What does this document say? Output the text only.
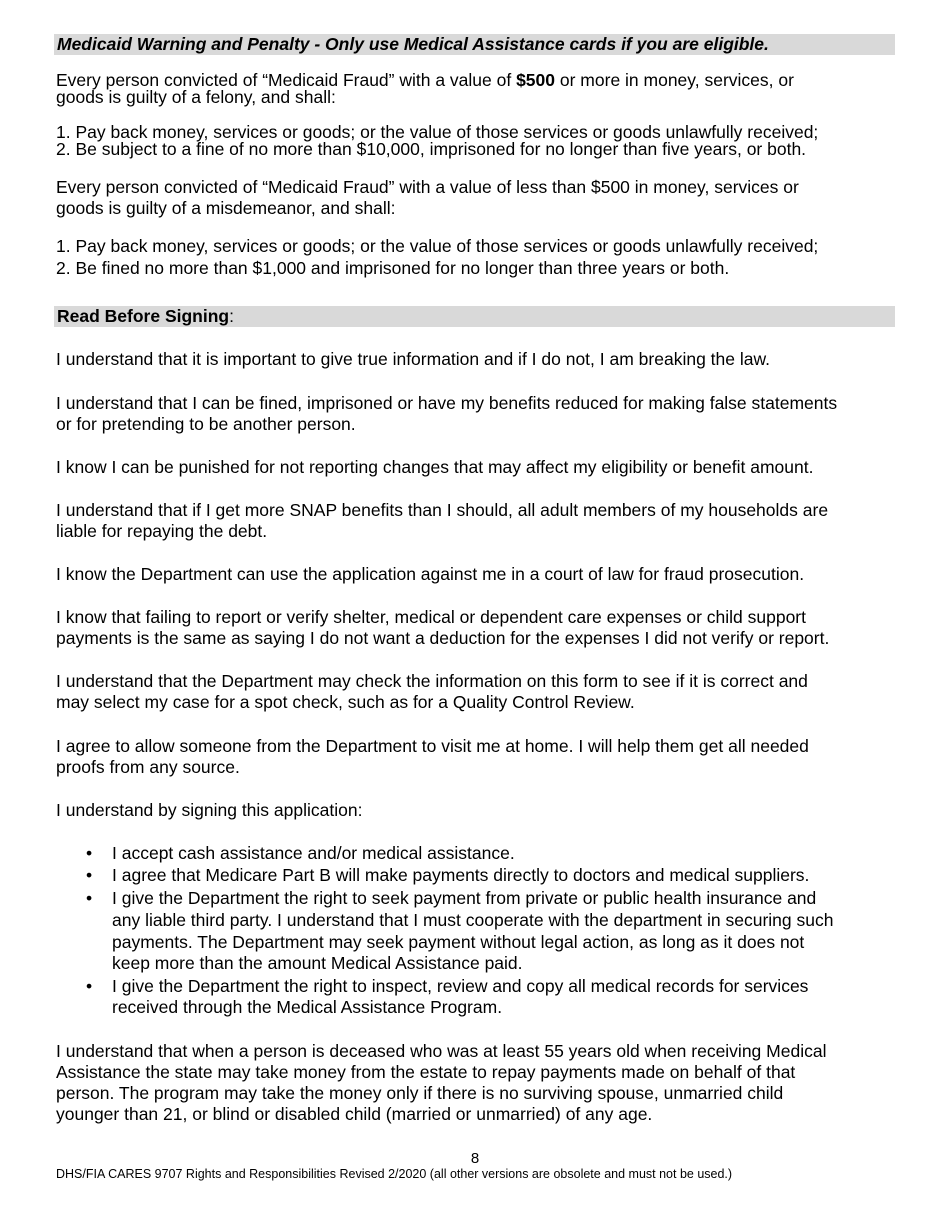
Medicaid Warning and Penalty - Only use Medical Assistance cards if you are eligible.
Every person convicted of “Medicaid Fraud” with a value of $500 or more in money, services, or
goods is guilty of a felony, and shall:
1. Pay back money, services or goods; or the value of those services or goods unlawfully received;
2. Be subject to a fine of no more than $10,000, imprisoned for no longer than five years, or both.
Every person convicted of “Medicaid Fraud” with a value of less than $500 in money, services or
goods is guilty of a misdemeanor, and shall:
1. Pay back money, services or goods; or the value of those services or goods unlawfully received;
2. Be fined no more than $1,000 and imprisoned for no longer than three years or both.
Read Before Signing:
I understand that it is important to give true information and if I do not, I am breaking the law.
I understand that I can be fined, imprisoned or have my benefits reduced for making false statements
or for pretending to be another person.
I know I can be punished for not reporting changes that may affect my eligibility or benefit amount.
I understand that if I get more SNAP benefits than I should, all adult members of my households are
liable for repaying the debt.
I know the Department can use the application against me in a court of law for fraud prosecution.
I know that failing to report or verify shelter, medical or dependent care expenses or child support
payments is the same as saying I do not want a deduction for the expenses I did not verify or report.
I understand that the Department may check the information on this form to see if it is correct and
may select my case for a spot check, such as for a Quality Control Review.
I agree to allow someone from the Department to visit me at home. I will help them get all needed
proofs from any source.
I understand by signing this application:
• I accept cash assistance and/or medical assistance.
• I agree that Medicare Part B will make payments directly to doctors and medical suppliers.
• I give the Department the right to seek payment from private or public health insurance and
any liable third party. I understand that I must cooperate with the department in securing such
payments. The Department may seek payment without legal action, as long as it does not
keep more than the amount Medical Assistance paid.
• I give the Department the right to inspect, review and copy all medical records for services
received through the Medical Assistance Program.
I understand that when a person is deceased who was at least 55 years old when receiving Medical
Assistance the state may take money from the estate to repay payments made on behalf of that
person. The program may take the money only if there is no surviving spouse, unmarried child
younger than 21, or blind or disabled child (married or unmarried) of any age.
8
DHS/FIA CARES 9707 Rights and Responsibilities Revised 2/2020 (all other versions are obsolete and must not be used.)
